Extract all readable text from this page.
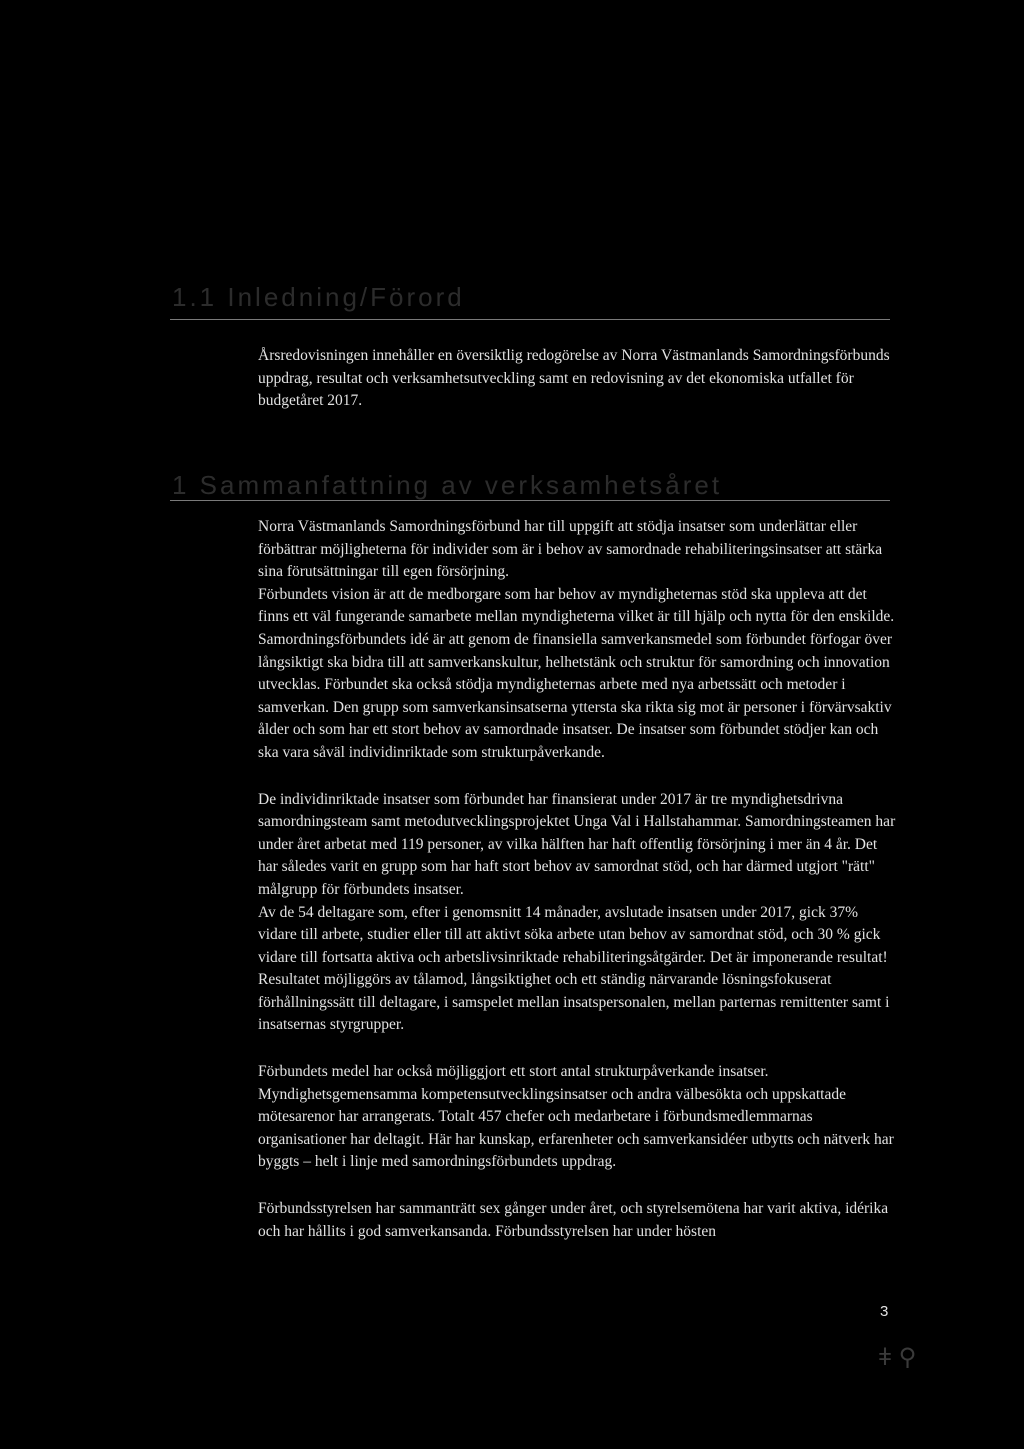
1.1 Inledning/Förord

Årsredovisningen innehåller en översiktlig redogörelse av Norra Västmanlands Samordningsförbunds uppdrag, resultat och verksamhetsutveckling samt en redovisning av det ekonomiska utfallet för budgetåret 2017.

1 Sammanfattning av verksamhetsåret

Norra Västmanlands Samordningsförbund har till uppgift att stödja insatser som underlättar eller förbättrar möjligheterna för individer som är i behov av samordnade rehabiliteringsinsatser att stärka sina förutsättningar till egen försörjning.

Förbundets vision är att de medborgare som har behov av myndigheternas stöd ska uppleva att det finns ett väl fungerande samarbete mellan myndigheterna vilket är till hjälp och nytta för den enskilde. Samordningsförbundets idé är att genom de finansiella samverkansmedel som förbundet förfogar över långsiktigt ska bidra till att samverkanskultur, helhetstänk och struktur för samordning och innovation utvecklas. Förbundet ska också stödja myndigheternas arbete med nya arbetssätt och metoder i samverkan. Den grupp som samverkansinsatserna yttersta ska rikta sig mot är personer i förvärvsaktiv ålder och som har ett stort behov av samordnade insatser. De insatser som förbundet stödjer kan och ska vara såväl individinriktade som strukturpåverkande.

De individinriktade insatser som förbundet har finansierat under 2017 är tre myndighetsdrivna samordningsteam samt metodutvecklingsprojektet Unga Val i Hallstahammar. Samordningsteamen har under året arbetat med 119 personer, av vilka hälften har haft offentlig försörjning i mer än 4 år. Det har således varit en grupp som har haft stort behov av samordnat stöd, och har därmed utgjort "rätt" målgrupp för förbundets insatser.

Av de 54 deltagare som, efter i genomsnitt 14 månader, avslutade insatsen under 2017, gick 37% vidare till arbete, studier eller till att aktivt söka arbete utan behov av samordnat stöd, och 30 % gick vidare till fortsatta aktiva och arbetslivsinriktade rehabiliteringsåtgärder. Det är imponerande resultat! Resultatet möjliggörs av tålamod, långsiktighet och ett ständig närvarande lösningsfokuserat förhållningssätt till deltagare, i samspelet mellan insatspersonalen, mellan parternas remittenter samt i insatsernas styrgrupper.

Förbundets medel har också möjliggjort ett stort antal strukturpåverkande insatser. Myndighetsgemensamma kompetensutvecklingsinsatser och andra välbesökta och uppskattade mötesarenor har arrangerats. Totalt 457 chefer och medarbetare i förbundsmedlemmarnas organisationer har deltagit. Här har kunskap, erfarenheter och samverkansidéer utbytts och nätverk har byggts – helt i linje med samordningsförbundets uppdrag.

Förbundsstyrelsen har sammanträtt sex gånger under året, och styrelsemötena har varit aktiva, idérika och har hållits i god samverkansanda. Förbundsstyrelsen har under hösten

3
ǂ ⚲
